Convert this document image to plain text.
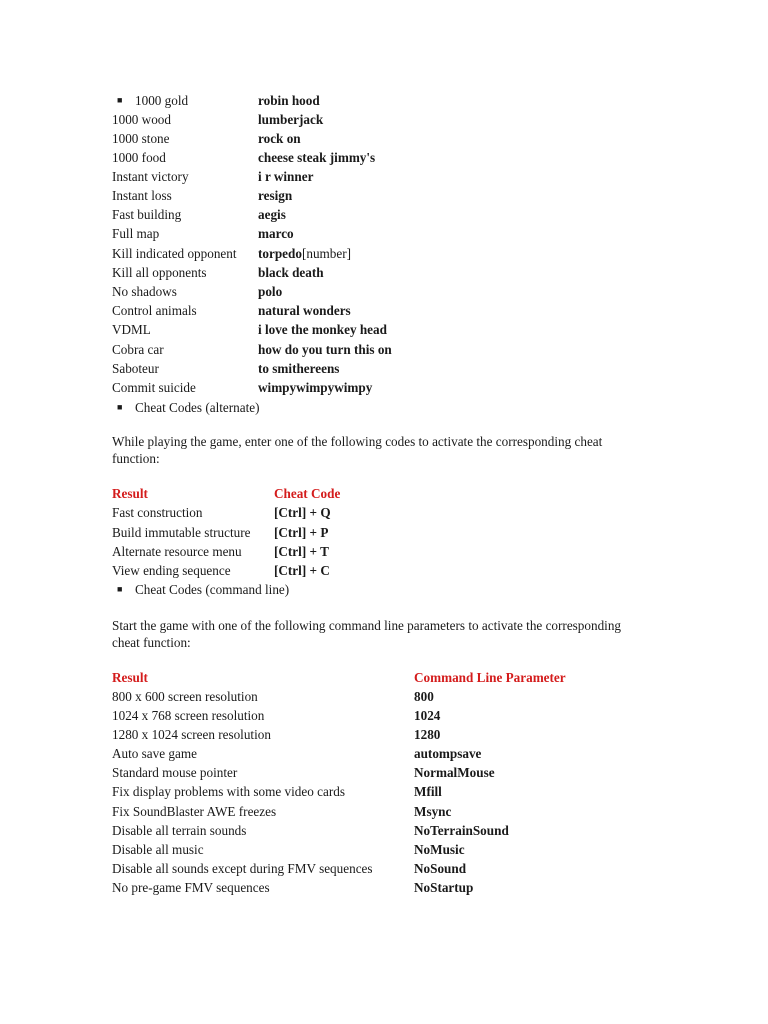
■ 1000 gold	robin hood
1000 wood	lumberjack
1000 stone	rock on
1000 food	cheese steak jimmy's
Instant victory	i r winner
Instant loss	resign
Fast building	aegis
Full map	marco
Kill indicated opponent torpedo[number]
Kill all opponents	black death
No shadows	polo
Control animals	natural wonders
VDML	i love the monkey head
Cobra car	how do you turn this on
Saboteur	to smithereens
Commit suicide	wimpywimpywimpy
■ Cheat Codes (alternate)

While playing the game, enter one of the following codes to activate the corresponding cheat function:

Result	Cheat Code
Fast construction	[Ctrl] + Q
Build immutable structure [Ctrl] + P
Alternate resource menu [Ctrl] + T
View ending sequence	[Ctrl] + C
■ Cheat Codes (command line)

Start the game with one of the following command line parameters to activate the corresponding cheat function:

Result	Command Line Parameter
800 x 600 screen resolution	800
1024 x 768 screen resolution	1024
1280 x 1024 screen resolution	1280
Auto save game	autompsave
Standard mouse pointer	NormalMouse
Fix display problems with some video cards	Mfill
Fix SoundBlaster AWE freezes	Msync
Disable all terrain sounds	NoTerrainSound
Disable all music	NoMusic
Disable all sounds except during FMV sequences	NoSound
No pre-game FMV sequences	NoStartup
